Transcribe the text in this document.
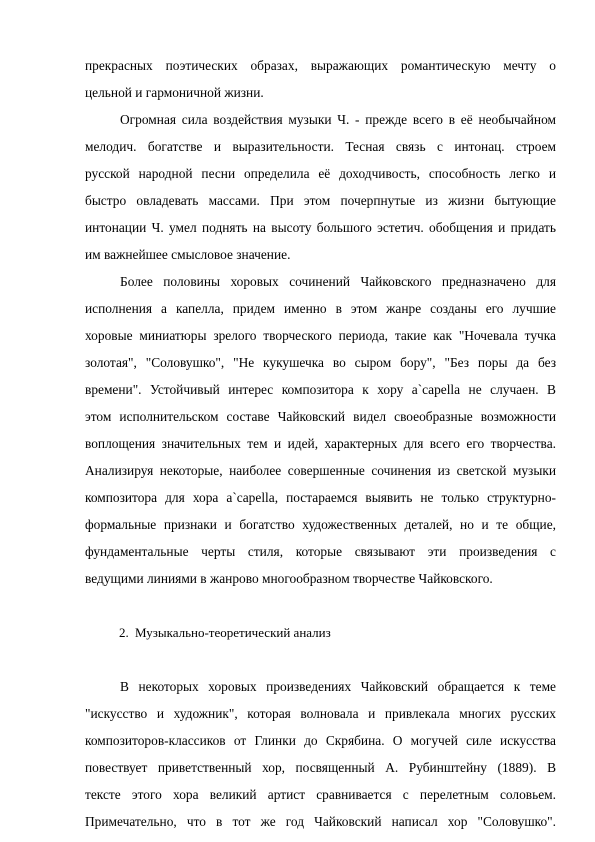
прекрасных поэтических образах, выражающих романтическую мечту о
цельной и гармоничной жизни.
Огромная сила воздействия музыки Ч. - прежде всего в её необычайном
мелодич. богатстве и выразительности. Тесная связь с интонац. строем
русской народной песни определила её доходчивость, способность легко и
быстро овладевать массами. При этом почерпнутые из жизни бытующие
интонации Ч. умел поднять на высоту большого эстетич. обобщения и придать
им важнейшее смысловое значение.
Более половины хоровых сочинений Чайковского предназначено для
исполнения а капелла, придем именно в этом жанре созданы его лучшие
хоровые миниатюры зрелого творческого периода, такие как "Ночевала тучка
золотая", "Соловушко", "Не кукушечка во сыром бору", "Без поры да без
времени". Устойчивый интерес композитора к хору a`capella не случаен. В
этом исполнительском составе Чайковский видел своеобразные возможности
воплощения значительных тем и идей, характерных для всего его творчества.
Анализируя некоторые, наиболее совершенные сочинения из светской музыки
композитора для хора a`capella, постараемся выявить не только структурно-
формальные признаки и богатство художественных деталей, но и те общие,
фундаментальные черты стиля, которые связывают эти произведения с
ведущими линиями в жанрово многообразном творчестве Чайковского.
2. Музыкально-теоретический анализ
В некоторых хоровых произведениях Чайковский обращается к теме
"искусство и художник", которая волновала и привлекала многих русских
композиторов-классиков от Глинки до Скрябина. О могучей силе искусства
повествует приветственный хор, посвященный А. Рубинштейну (1889). В
тексте этого хора великий артист сравнивается с перелетным соловьем.
Примечательно, что в тот же год Чайковский написал хор "Соловушко".
